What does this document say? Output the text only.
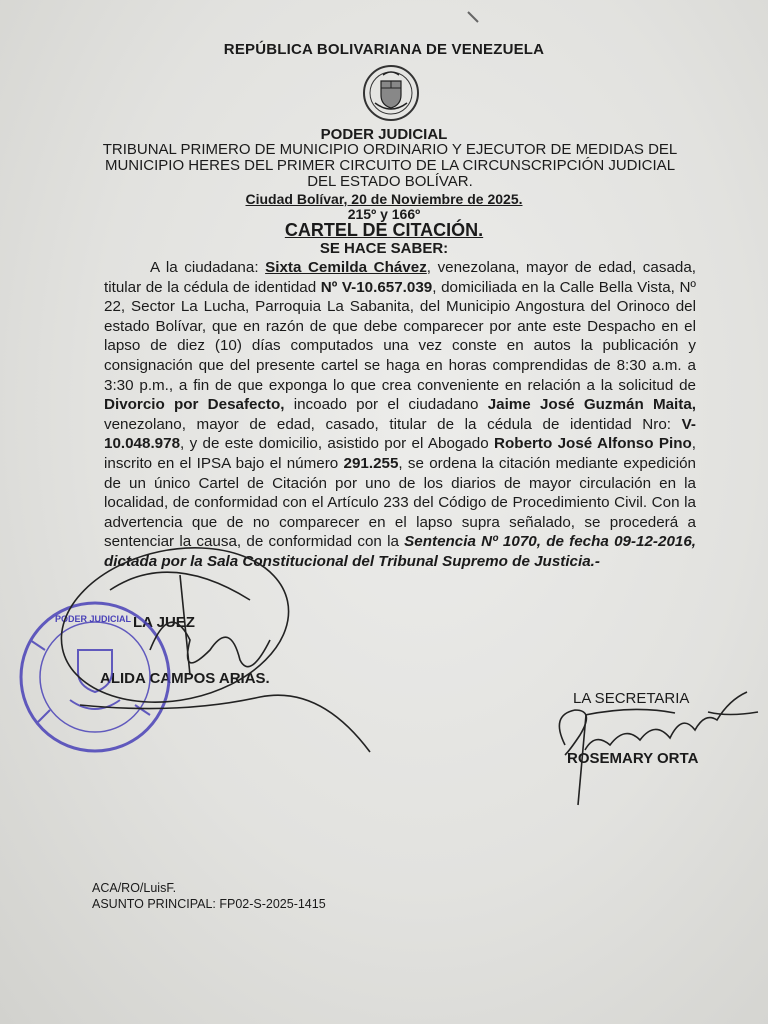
REPÚBLICA BOLIVARIANA DE VENEZUELA
PODER JUDICIAL
TRIBUNAL PRIMERO DE MUNICIPIO ORDINARIO Y EJECUTOR DE MEDIDAS DEL MUNICIPIO HERES DEL PRIMER CIRCUITO DE LA CIRCUNSCRIPCIÓN JUDICIAL DEL ESTADO BOLÍVAR.
Ciudad Bolívar, 20 de Noviembre de 2025.
215º y 166º
CARTEL DE CITACIÓN.
SE HACE SABER:
A la ciudadana: Sixta Cemilda Chávez, venezolana, mayor de edad, casada, titular de la cédula de identidad Nº V-10.657.039, domiciliada en la Calle Bella Vista, Nº 22, Sector La Lucha, Parroquia La Sabanita, del Municipio Angostura del Orinoco del estado Bolívar, que en razón de que debe comparecer por ante este Despacho en el lapso de diez (10) días computados una vez conste en autos la publicación y consignación que del presente cartel se haga en horas comprendidas de 8:30 a.m. a 3:30 p.m., a fin de que exponga lo que crea conveniente en relación a la solicitud de Divorcio por Desafecto, incoado por el ciudadano Jaime José Guzmán Maita, venezolano, mayor de edad, casado, titular de la cédula de identidad Nro: V-10.048.978, y de este domicilio, asistido por el Abogado Roberto José Alfonso Pino, inscrito en el IPSA bajo el número 291.255, se ordena la citación mediante expedición de un único Cartel de Citación por uno de los diarios de mayor circulación en la localidad, de conformidad con el Artículo 233 del Código de Procedimiento Civil. Con la advertencia que de no comparecer en el lapso supra señalado, se procederá a sentenciar la causa, de conformidad con la Sentencia Nº 1070, de fecha 09-12-2016, dictada por la Sala Constitucional del Tribunal Supremo de Justicia.-
LA JUEZ
ALIDA CAMPOS ARIAS.
LA SECRETARIA
ROSEMARY ORTA
ACA/RO/LuisF.
ASUNTO PRINCIPAL: FP02-S-2025-1415
PODER JUDICIAL
